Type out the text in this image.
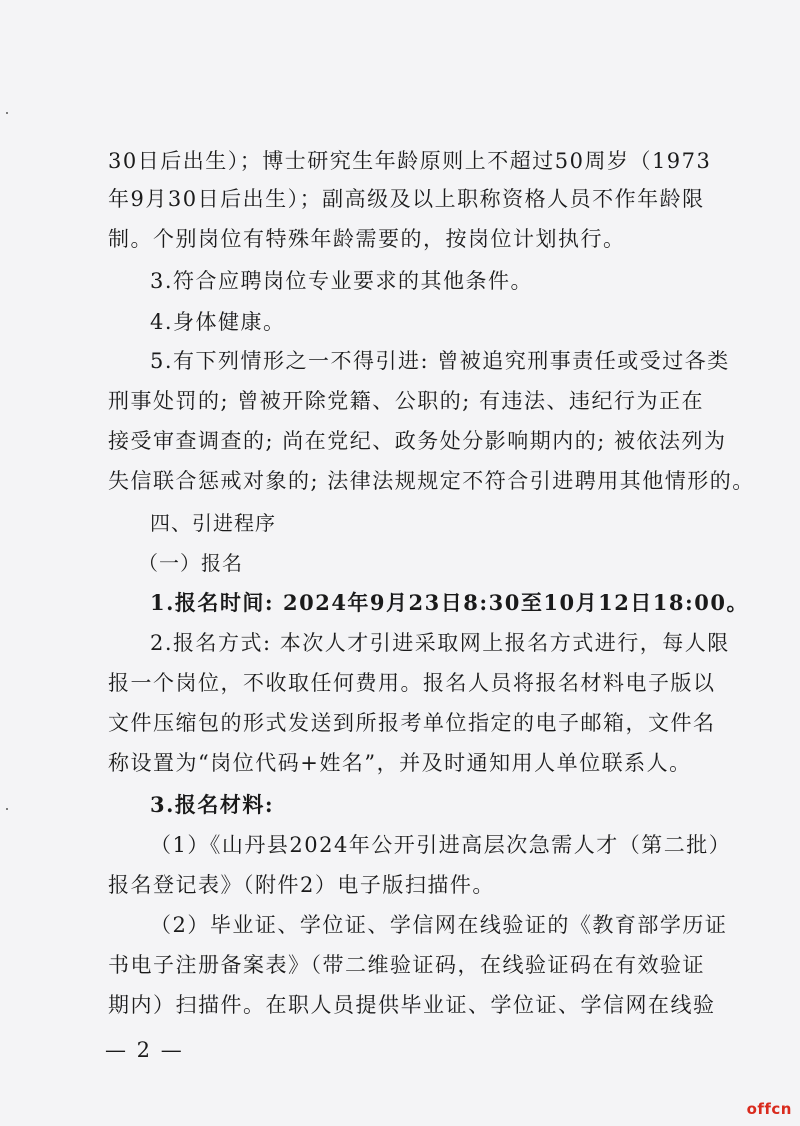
30日后出生）；博士研究生年龄原则上不超过50周岁（1973
年9月30日后出生）；副高级及以上职称资格人员不作年龄限
制。个别岗位有特殊年龄需要的，按岗位计划执行。
3.符合应聘岗位专业要求的其他条件。
4.身体健康。
5.有下列情形之一不得引进: 曾被追究刑事责任或受过各类
刑事处罚的; 曾被开除党籍、公职的; 有违法、违纪行为正在
接受审查调查的; 尚在党纪、政务处分影响期内的; 被依法列为
失信联合惩戒对象的; 法律法规规定不符合引进聘用其他情形的。
四、引进程序
（一）报名
1.报名时间: 2024年9月23日8:30至10月12日18:00。
2.报名方式: 本次人才引进采取网上报名方式进行，每人限
报一个岗位，不收取任何费用。报名人员将报名材料电子版以
文件压缩包的形式发送到所报考单位指定的电子邮箱，文件名
称设置为“岗位代码+姓名”，并及时通知用人单位联系人。
3.报名材料:
（1）《山丹县2024年公开引进高层次急需人才（第二批）
报名登记表》（附件2）电子版扫描件。
（2）毕业证、学位证、学信网在线验证的《教育部学历证
书电子注册备案表》（带二维验证码，在线验证码在有效验证
期内）扫描件。在职人员提供毕业证、学位证、学信网在线验
— 2 —
offcn
